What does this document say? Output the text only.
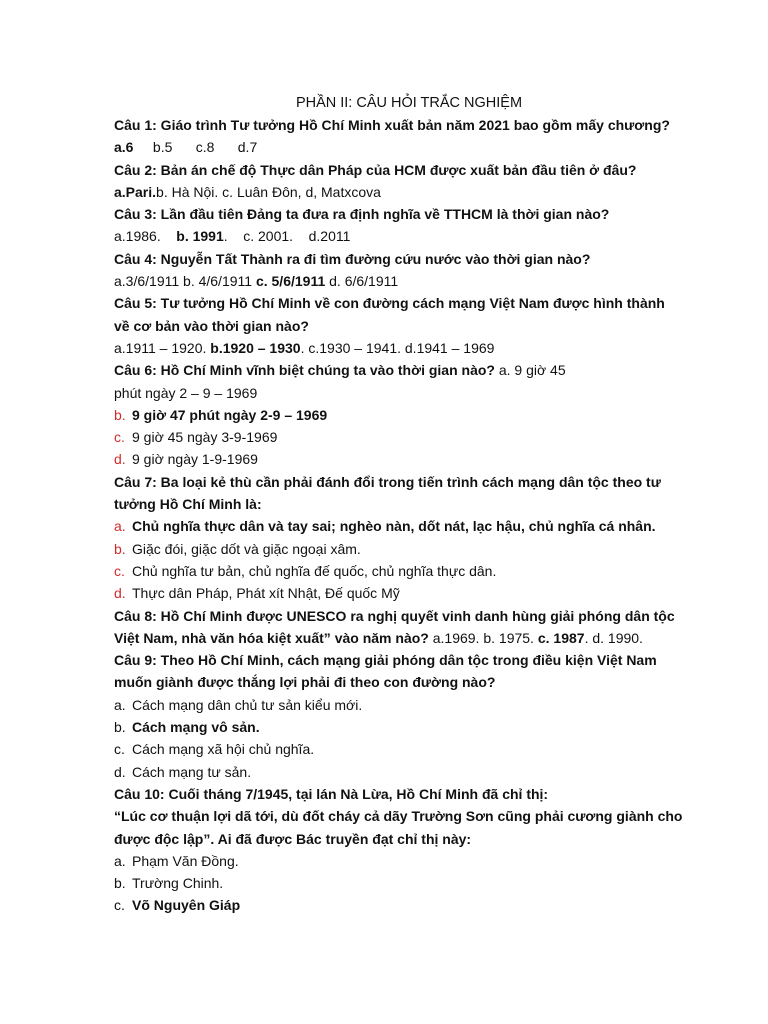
PHẦN II: CÂU HỎI TRẮC NGHIỆM
Câu 1: Giáo trình Tư tưởng Hồ Chí Minh xuất bản năm 2021 bao gồm mấy chương?
a.6 b.5 c.8 d.7
Câu 2: Bản án chế độ Thực dân Pháp của HCM được xuất bản đầu tiên ở đâu?
a.Pari.b. Hà Nội. c. Luân Đôn, d, Matxcova
Câu 3: Lần đầu tiên Đảng ta đưa ra định nghĩa về TTHCM là thời gian nào?
a.1986. b. 1991.    c. 2001. d.2011
Câu 4: Nguyễn Tất Thành ra đi tìm đường cứu nước vào thời gian nào?
a.3/6/1911 b. 4/6/1911 c. 5/6/1911 d. 6/6/1911
Câu 5: Tư tưởng Hồ Chí Minh về con đường cách mạng Việt Nam được hình thành về cơ bản vào thời gian nào?
a.1911 – 1920. b.1920 – 1930. c.1930 – 1941. d.1941 – 1969
Câu 6: Hồ Chí Minh vĩnh biệt chúng ta vào thời gian nào? a. 9 giờ 45
phút ngày 2 – 9 – 1969
b. 9 giờ 47 phút ngày 2-9 – 1969
c. 9 giờ 45 ngày 3-9-1969
d. 9 giờ ngày 1-9-1969
Câu 7: Ba loại kẻ thù cần phải đánh đổi trong tiến trình cách mạng dân tộc theo tư tưởng Hồ Chí Minh là:
a. Chủ nghĩa thực dân và tay sai; nghèo nàn, dốt nát, lạc hậu, chủ nghĩa cá nhân.
b. Giặc đói, giặc dốt và giặc ngoại xâm.
c. Chủ nghĩa tư bản, chủ nghĩa đế quốc, chủ nghĩa thực dân.
d. Thực dân Pháp, Phát xít Nhật, Đế quốc Mỹ
Câu 8: Hồ Chí Minh được UNESCO ra nghị quyết vinh danh hùng giải phóng dân tộc Việt Nam, nhà văn hóa kiệt xuất” vào năm nào? a.1969. b. 1975. c. 1987. d. 1990.
Câu 9: Theo Hồ Chí Minh, cách mạng giải phóng dân tộc trong điều kiện Việt Nam muốn giành được thắng lợi phải đi theo con đường nào?
a. Cách mạng dân chủ tư sản kiểu mới.
b. Cách mạng vô sản.
c. Cách mạng xã hội chủ nghĩa.
d. Cách mạng tư sản.
Câu 10: Cuối tháng 7/1945, tại lán Nà Lừa, Hồ Chí Minh đã chỉ thị:
“Lúc cơ thuận lợi dã tới, dù đốt cháy cả dãy Trường Sơn cũng phải cương giành cho được độc lập”. Ai đã được Bác truyền đạt chỉ thị này:
a. Phạm Văn Đồng.
b. Trường Chinh.
c. Võ Nguyên Giáp
